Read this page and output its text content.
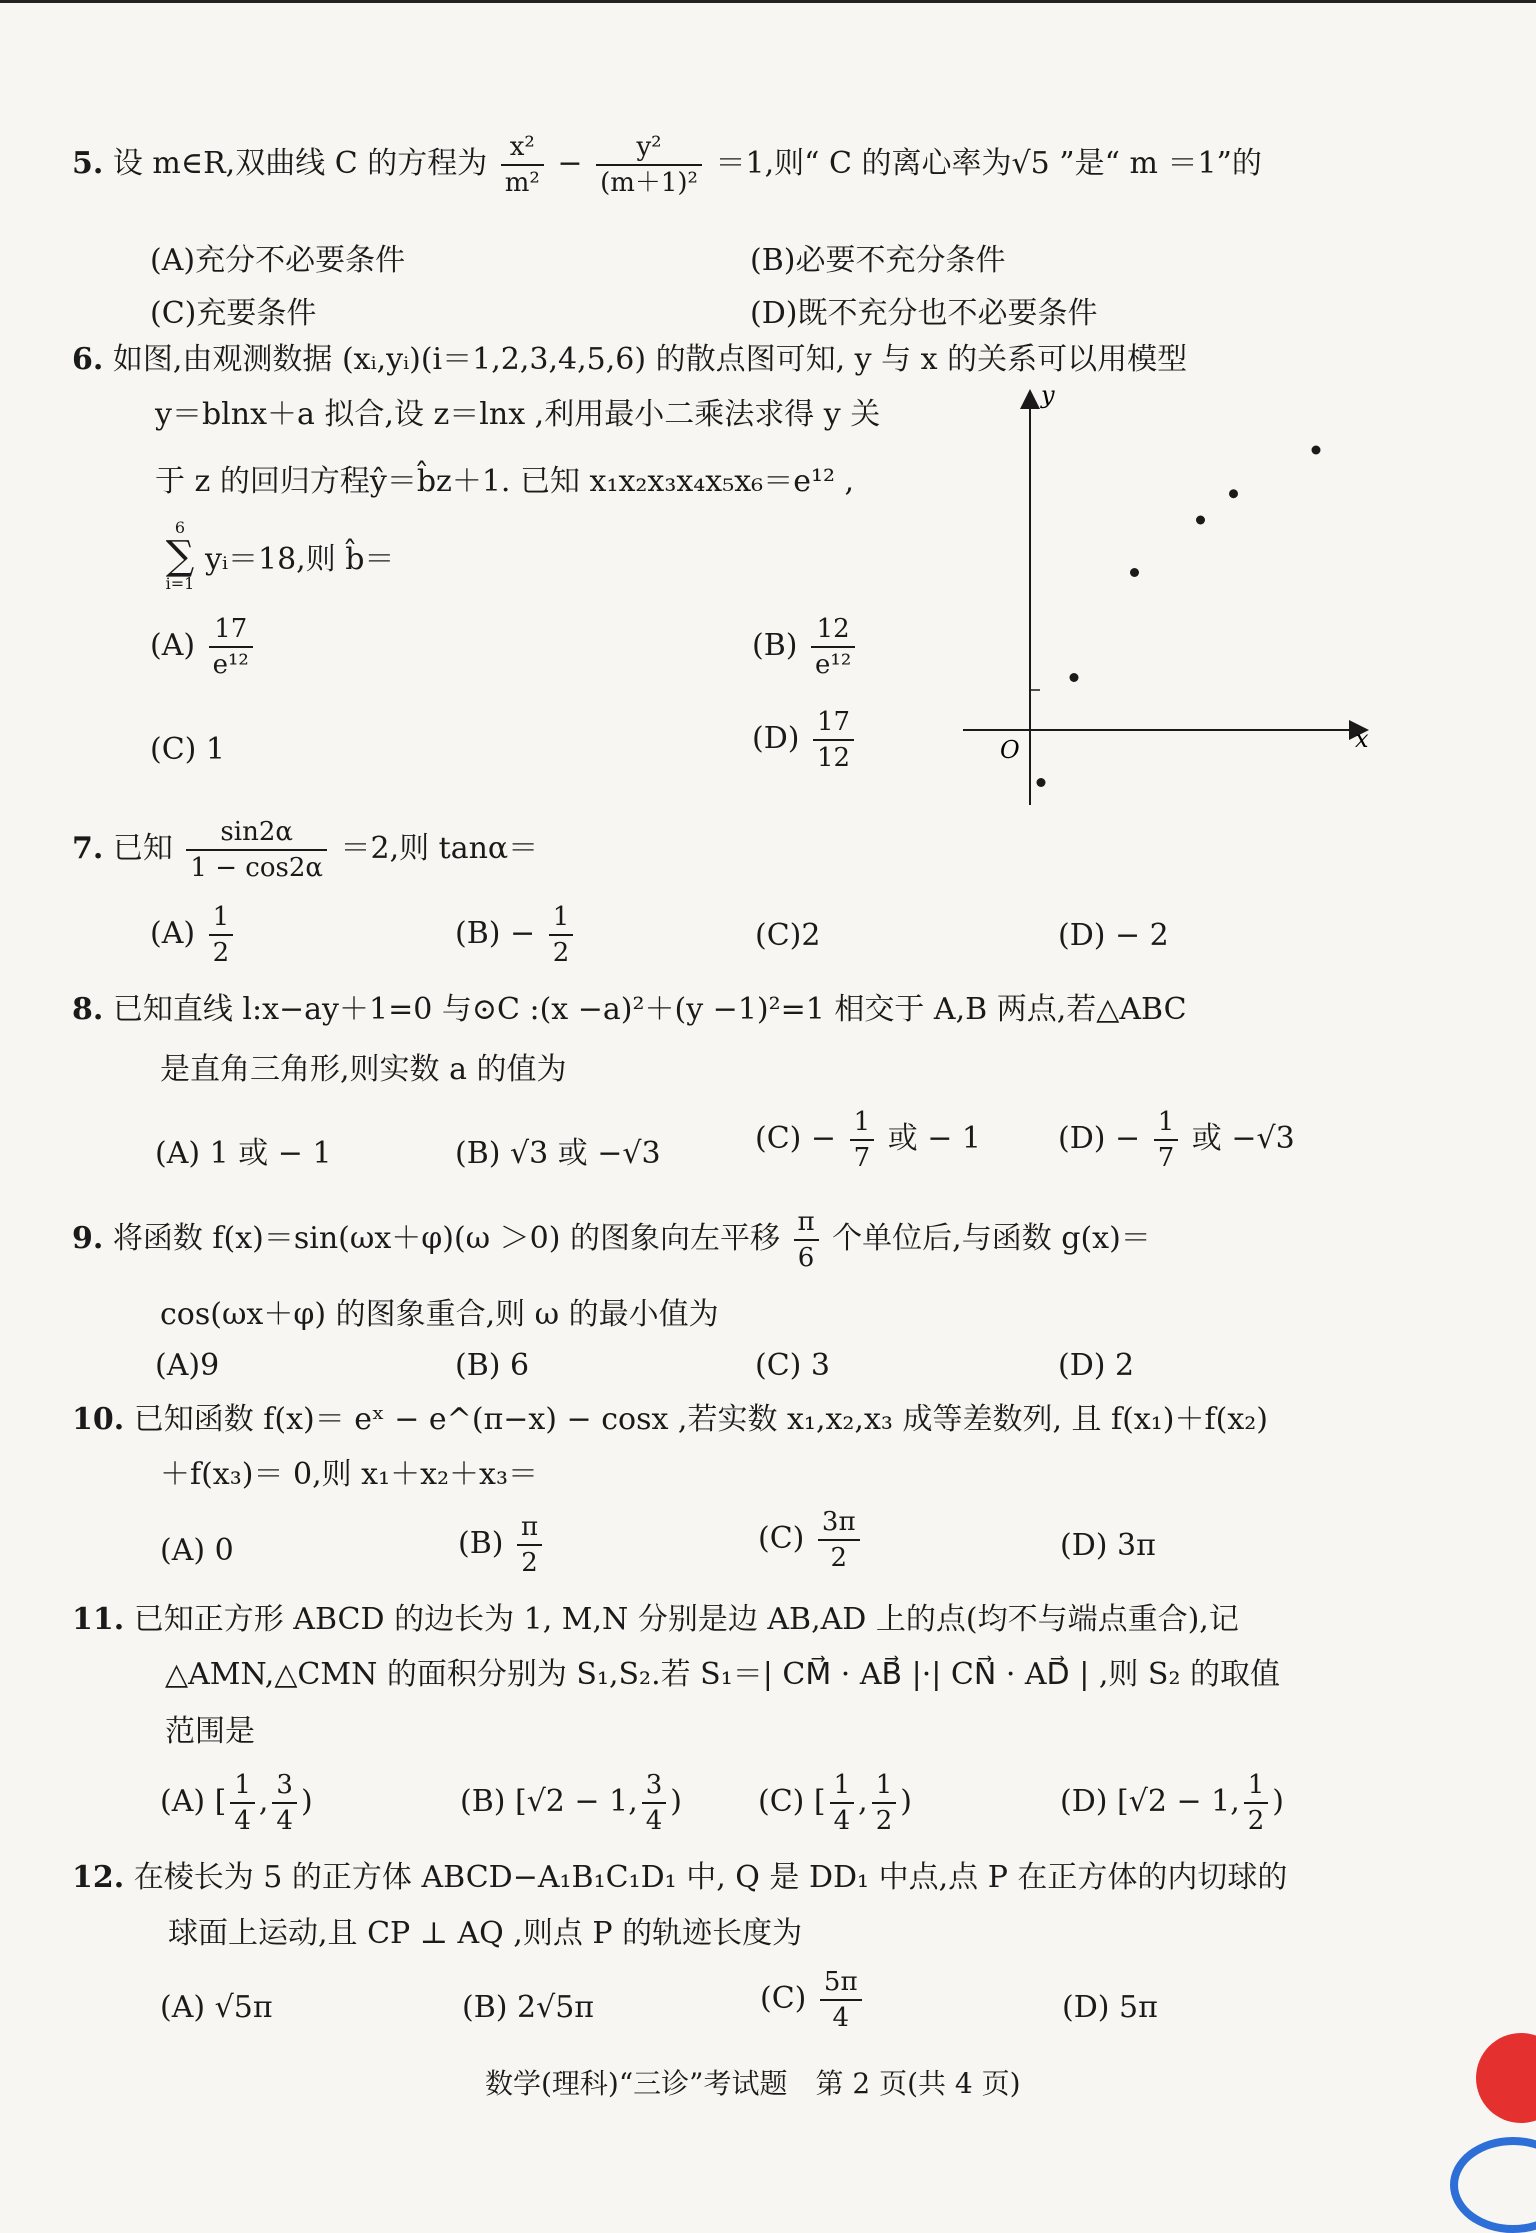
5. 设 m∈R,双曲线 C 的方程为 $\frac{\text{x²}}{\text{m²}} - \frac{\text{y²}}{\text{(m＋1)²}} =1$,则“ C 的离心率为√5 ”是“ m ＝1”的
(A)充分不必要条件	(B)必要不充分条件
(C)充要条件	(D)既不充分也不必要条件
6. 如图,由观测数据 (xᵢ,yᵢ)(i＝1,2,3,4,5,6) 的散点图可知, y 与 x 的关系可以用模型
y＝blnx＋a 拟合,设 z＝lnx ,利用最小二乘法求得 y 关
于 z 的回归方程ŷ＝b̂z＋1. 已知 x₁x₂x₃x₄x₅x₆＝e¹² ,
6
∑
i=1
yᵢ＝18,则 b̂＝
$(A) \frac{17}{\text{e¹²}}$	$(B) \frac{12}{\text{e¹²}}$
(C) 1	$(D) \frac{17}{12}$
y
x
O
7. 已知 $\frac{\sin 2\alpha}{1 - \cos 2\alpha} =2$,则 tanα＝
$(A) \frac{1}{2}$	$(B) - \frac{1}{2}$	(C)2	(D) − 2
8. 已知直线 l:x−ay＋1=0 与⊙C :(x −a)²＋(y −1)²=1 相交于 A,B 两点,若△ABC
是直角三角形,则实数 a 的值为
(A) 1 或 − 1	(B) √3 或 −√3	$(C) - \frac{1}{7}$ 或 − 1	$(D) - \frac{1}{7}$ 或 −√3
9. 将函数 f(x)＝sin(ωx＋φ)(ω ＞0) 的图象向左平移 $\frac{\pi}{6}$ 个单位后,与函数 g(x)＝
cos(ωx＋φ) 的图象重合,则 ω 的最小值为
(A)9	(B) 6	(C) 3	(D) 2
10. 已知函数 f(x)＝ eˣ − e^(π−x) − cosx ,若实数 x₁,x₂,x₃ 成等差数列, 且 f(x₁)＋f(x₂)
＋f(x₃)＝ 0,则 x₁＋x₂＋x₃＝
(A) 0	$(B) \frac{\pi}{2}$	$(C) \frac{3\pi}{2}$	(D) 3π
11. 已知正方形 ABCD 的边长为 1, M,N 分别是边 AB,AD 上的点(均不与端点重合),记
△AMN,△CMN 的面积分别为 S₁,S₂.若 S₁＝| CM⃗ · AB⃗ |·| CN⃗ · AD⃗ | ,则 S₂ 的取值
范围是
(A) [ $\frac{1}{4}$ , $\frac{3}{4}$ )	(B) [√2 − 1, $\frac{3}{4}$ )	(C) [ $\frac{1}{4}$ , $\frac{1}{2}$ )	(D) [√2 − 1, $\frac{1}{2}$ )
12. 在棱长为 5 的正方体 ABCD−A₁B₁C₁D₁ 中, Q 是 DD₁ 中点,点 P 在正方体的内切球的
球面上运动,且 CP ⊥ AQ ,则点 P 的轨迹长度为
(A) √5π	(B) 2√5π	$(C) \frac{5\pi}{4}$	(D) 5π
数学(理科)“三诊”考试题　第 2 页(共 4 页)
